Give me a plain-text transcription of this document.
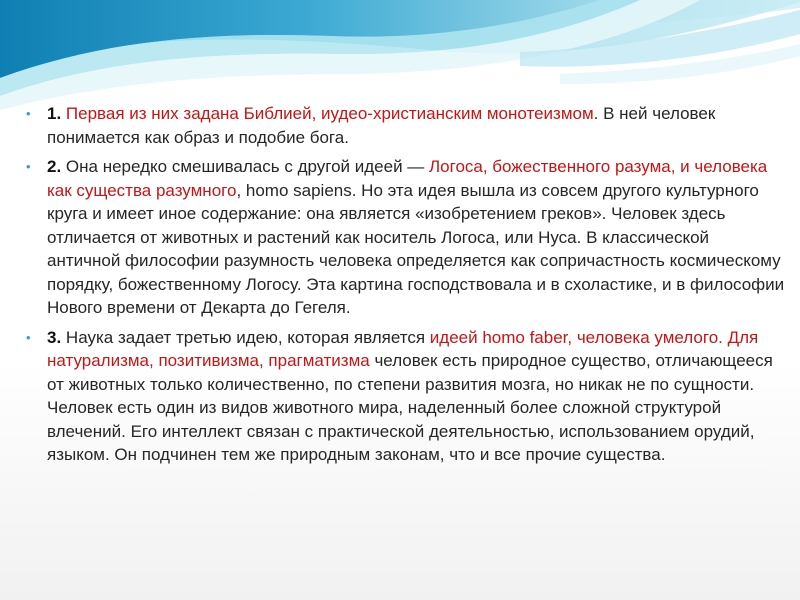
• 1. Первая из них задана Библией, иудео-христианским монотеизмом. В ней человек понимается как образ и подобие бога.
• 2. Она нередко смешивалась с другой идеей — Логоса, божественного разума, и человека как существа разумного, homo sapiens. Но эта идея вышла из совсем другого культурного круга и имеет иное содержание: она является «изобретением греков». Человек здесь отличается от животных и растений как носитель Логоса, или Нуса. В классической античной философии разумность человека определяется как сопричастность космическому порядку, божественному Логосу. Эта картина господствовала и в схоластике, и в философии Нового времени от Декарта до Гегеля.
• 3. Наука задает третью идею, которая является идеей homo faber, человека умелого. Для натурализма, позитивизма, прагматизма человек есть природное существо, отличающееся от животных только количественно, по степени развития мозга, но никак не по сущности. Человек есть один из видов животного мира, наделенный более сложной структурой влечений. Его интеллект связан с практической деятельностью, использованием орудий, языком. Он подчинен тем же природным законам, что и все прочие существа.
